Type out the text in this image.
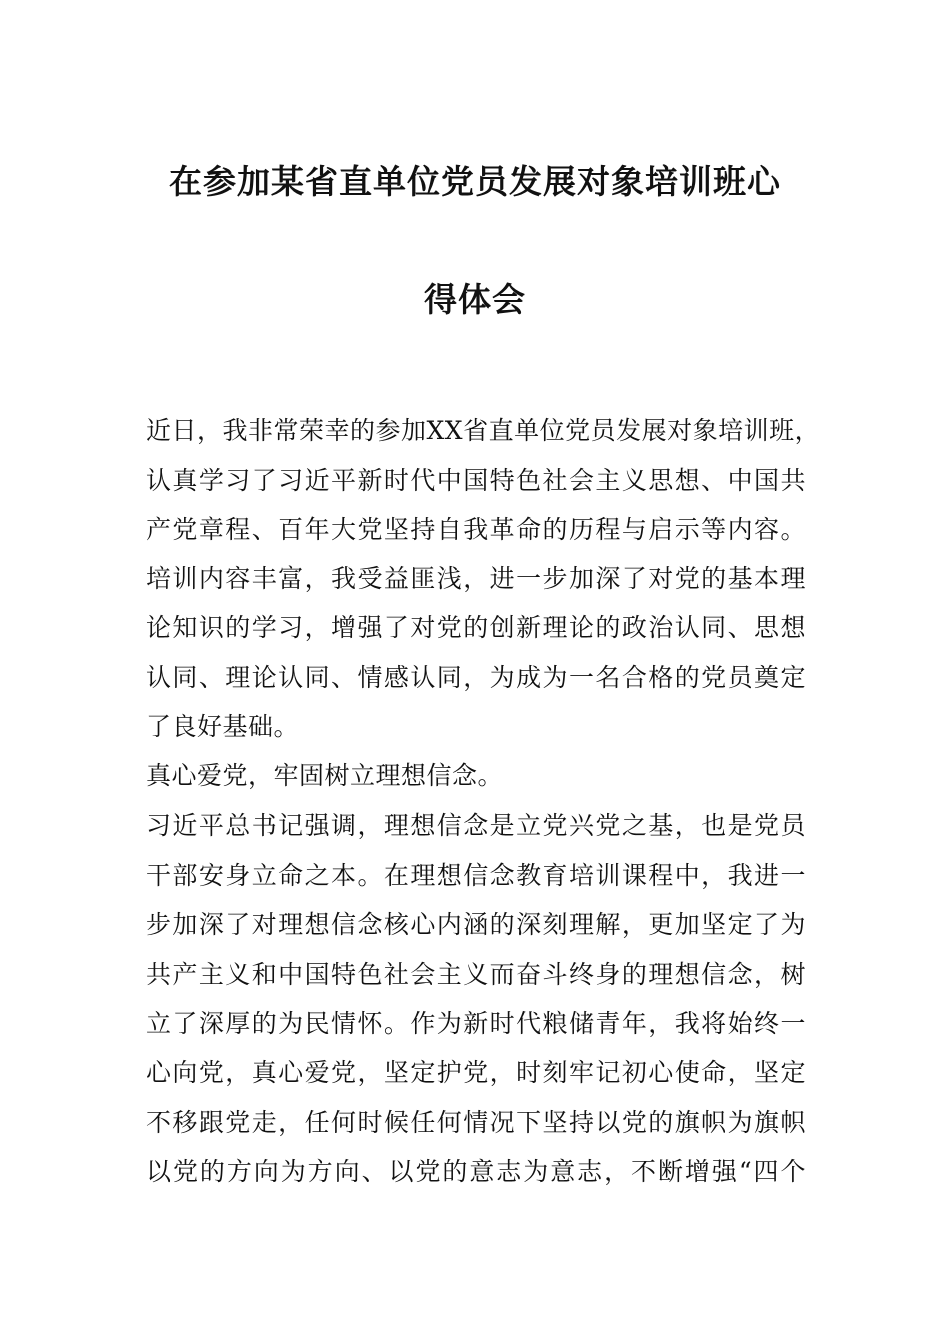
在参加某省直单位党员发展对象培训班心
得体会
近日，我非常荣幸的参加XX省直单位党员发展对象培训班，
认真学习了习近平新时代中国特色社会主义思想、中国共
产党章程、百年大党坚持自我革命的历程与启示等内容。
培训内容丰富，我受益匪浅，进一步加深了对党的基本理
论知识的学习，增强了对党的创新理论的政治认同、思想
认同、理论认同、情感认同，为成为一名合格的党员奠定
了良好基础。
真心爱党，牢固树立理想信念。
习近平总书记强调，理想信念是立党兴党之基，也是党员
干部安身立命之本。在理想信念教育培训课程中，我进一
步加深了对理想信念核心内涵的深刻理解，更加坚定了为
共产主义和中国特色社会主义而奋斗终身的理想信念，树
立了深厚的为民情怀。作为新时代粮储青年，我将始终一
心向党，真心爱党，坚定护党，时刻牢记初心使命，坚定
不移跟党走，任何时候任何情况下坚持以党的旗帜为旗帜
以党的方向为方向、以党的意志为意志，不断增强“四个
